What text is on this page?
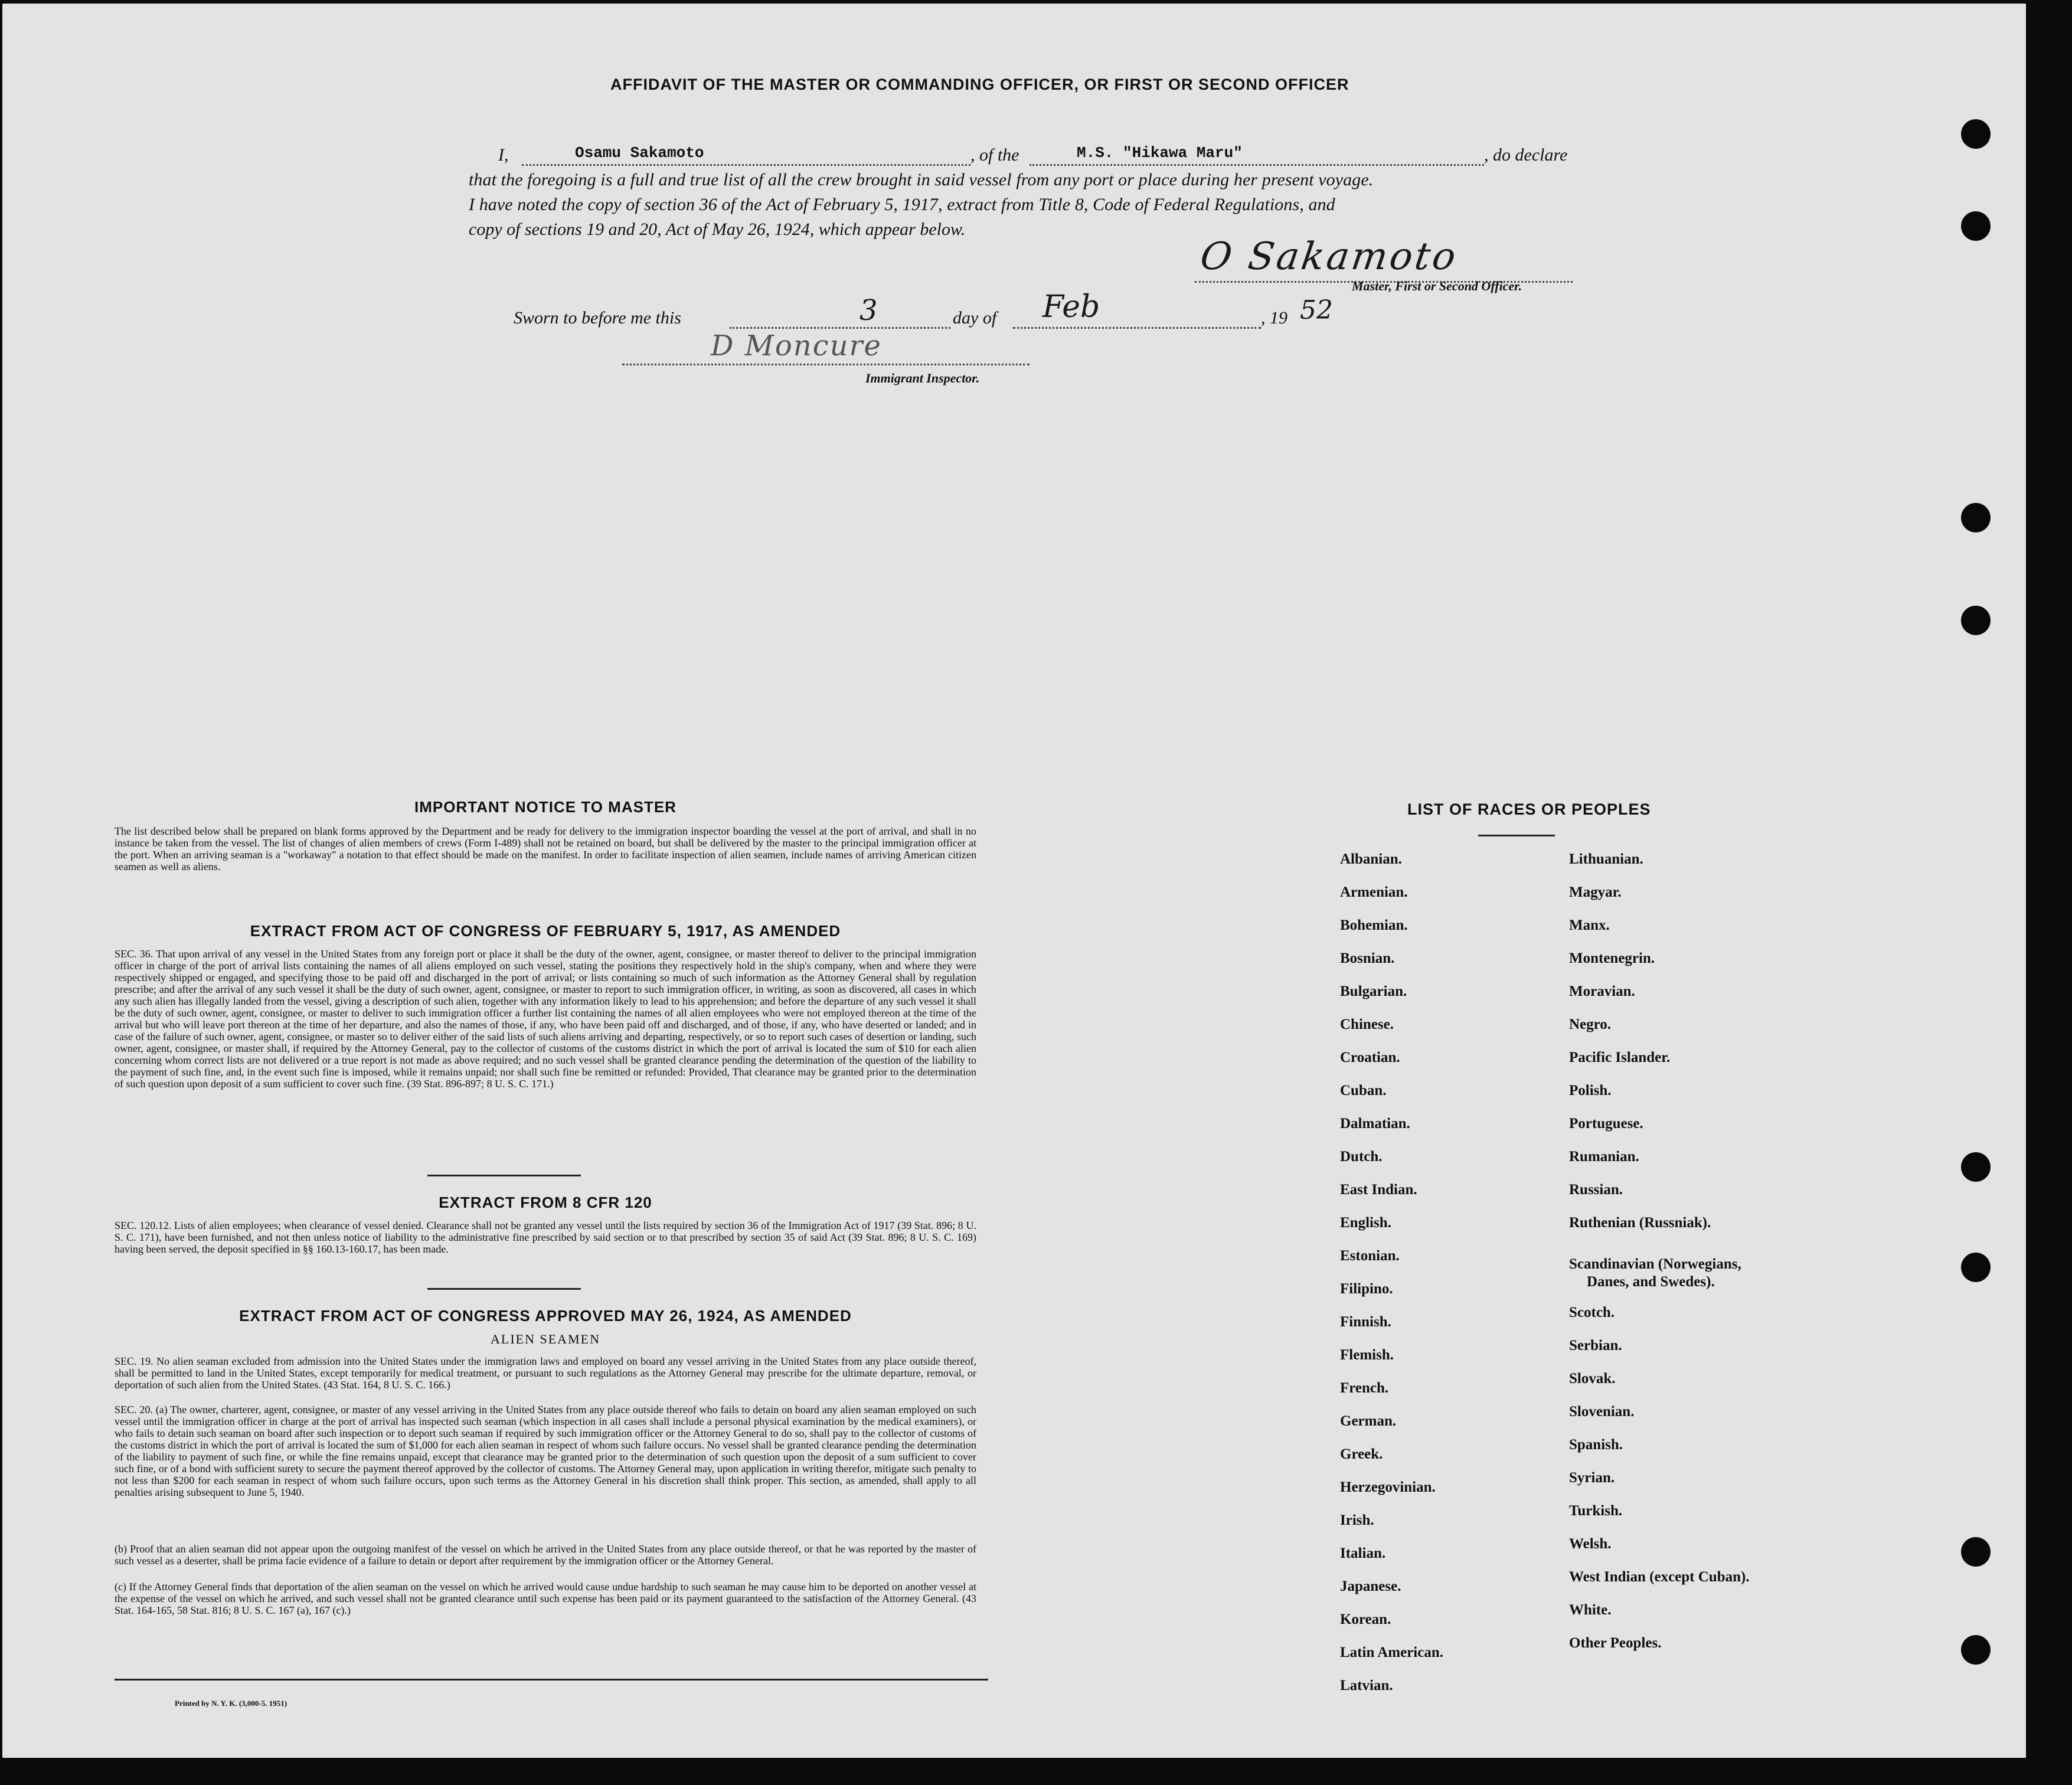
AFFIDAVIT OF THE MASTER OR COMMANDING OFFICER, OR FIRST OR SECOND OFFICER
I,	Osamu Sakamoto	, of the	M.S. "Hikawa Maru"	, do declare
that the foregoing is a full and true list of all the crew brought in said vessel from any port or place during her present voyage.
I have noted the copy of section 36 of the Act of February 5, 1917, extract from Title 8, Code of Federal Regulations, and
copy of sections 19 and 20, Act of May 26, 1924, which appear below.
O Sakamoto
Master, First or Second Officer.
Sworn to before me this	3	day of Feb	, 19 52
D Moncure
Immigrant Inspector.
IMPORTANT NOTICE TO MASTER

The list described below shall be prepared on blank forms approved by the Department and be ready for delivery to the immigration inspector boarding the vessel at the port of arrival, and shall in no instance be taken from the vessel. The list of changes of alien members of crews (Form I-489) shall not be retained on board, but shall be delivered by the master to the principal immigration officer at the port. When an arriving seaman is a "workaway" a notation to that effect should be made on the manifest. In order to facilitate inspection of alien seamen, include names of arriving American citizen seamen as well as aliens.

EXTRACT FROM ACT OF CONGRESS OF FEBRUARY 5, 1917, AS AMENDED

SEC. 36. That upon arrival of any vessel in the United States from any foreign port or place it shall be the duty of the owner, agent, consignee, or master thereof to deliver to the principal immigration officer in charge of the port of arrival lists containing the names of all aliens employed on such vessel, stating the positions they respectively hold in the ship's company, when and where they were respectively shipped or engaged, and specifying those to be paid off and discharged in the port of arrival; or lists containing so much of such information as the Attorney General shall by regulation prescribe; and after the arrival of any such vessel it shall be the duty of such owner, agent, consignee, or master to report to such immigration officer, in writing, as soon as discovered, all cases in which any such alien has illegally landed from the vessel, giving a description of such alien, together with any information likely to lead to his apprehension; and before the departure of any such vessel it shall be the duty of such owner, agent, consignee, or master to deliver to such immigration officer a further list containing the names of all alien employees who were not employed thereon at the time of the arrival but who will leave port thereon at the time of her departure, and also the names of those, if any, who have been paid off and discharged, and of those, if any, who have deserted or landed; and in case of the failure of such owner, agent, consignee, or master so to deliver either of the said lists of such aliens arriving and departing, respectively, or so to report such cases of desertion or landing, such owner, agent, consignee, or master shall, if required by the Attorney General, pay to the collector of customs of the customs district in which the port of arrival is located the sum of $10 for each alien concerning whom correct lists are not delivered or a true report is not made as above required; and no such vessel shall be granted clearance pending the determination of the question of the liability to the payment of such fine, and, in the event such fine is imposed, while it remains unpaid; nor shall such fine be remitted or refunded: Provided, That clearance may be granted prior to the determination of such question upon deposit of a sum sufficient to cover such fine. (39 Stat. 896-897; 8 U. S. C. 171.)

EXTRACT FROM 8 CFR 120

SEC. 120.12. Lists of alien employees; when clearance of vessel denied. Clearance shall not be granted any vessel until the lists required by section 36 of the Immigration Act of 1917 (39 Stat. 896; 8 U. S. C. 171), have been furnished, and not then unless notice of liability to the administrative fine prescribed by said section or to that prescribed by section 35 of said Act (39 Stat. 896; 8 U. S. C. 169) having been served, the deposit specified in §§ 160.13-160.17, has been made.

EXTRACT FROM ACT OF CONGRESS APPROVED MAY 26, 1924, AS AMENDED
ALIEN SEAMEN

SEC. 19. No alien seaman excluded from admission into the United States under the immigration laws and employed on board any vessel arriving in the United States from any place outside thereof, shall be permitted to land in the United States, except temporarily for medical treatment, or pursuant to such regulations as the Attorney General may prescribe for the ultimate departure, removal, or deportation of such alien from the United States. (43 Stat. 164, 8 U. S. C. 166.)

SEC. 20. (a) The owner, charterer, agent, consignee, or master of any vessel arriving in the United States from any place outside thereof who fails to detain on board any alien seaman employed on such vessel until the immigration officer in charge at the port of arrival has inspected such seaman (which inspection in all cases shall include a personal physical examination by the medical examiners), or who fails to detain such seaman on board after such inspection or to deport such seaman if required by such immigration officer or the Attorney General to do so, shall pay to the collector of customs of the customs district in which the port of arrival is located the sum of $1,000 for each alien seaman in respect of whom such failure occurs. No vessel shall be granted clearance pending the determination of the liability to payment of such fine, or while the fine remains unpaid, except that clearance may be granted prior to the determination of such question upon the deposit of a sum sufficient to cover such fine, or of a bond with sufficient surety to secure the payment thereof approved by the collector of customs. The Attorney General may, upon application in writing therefor, mitigate such penalty to not less than $200 for each seaman in respect of whom such failure occurs, upon such terms as the Attorney General in his discretion shall think proper. This section, as amended, shall apply to all penalties arising subsequent to June 5, 1940.

(b) Proof that an alien seaman did not appear upon the outgoing manifest of the vessel on which he arrived in the United States from any place outside thereof, or that he was reported by the master of such vessel as a deserter, shall be prima facie evidence of a failure to detain or deport after requirement by the immigration officer or the Attorney General.

(c) If the Attorney General finds that deportation of the alien seaman on the vessel on which he arrived would cause undue hardship to such seaman he may cause him to be deported on another vessel at the expense of the vessel on which he arrived, and such vessel shall not be granted clearance until such expense has been paid or its payment guaranteed to the satisfaction of the Attorney General. (43 Stat. 164-165, 58 Stat. 816; 8 U. S. C. 167 (a), 167 (c).)

Printed by N. Y. K. (3,000-5. 1951)
LIST OF RACES OR PEOPLES
Albanian.
Armenian.
Bohemian.
Bosnian.
Bulgarian.
Chinese.
Croatian.
Cuban.
Dalmatian.
Dutch.
East Indian.
English.
Estonian.
Filipino.
Finnish.
Flemish.
French.
German.
Greek.
Herzegovinian.
Irish.
Italian.
Japanese.
Korean.
Latin American.
Latvian.
Lithuanian.
Magyar.
Manx.
Montenegrin.
Moravian.
Negro.
Pacific Islander.
Polish.
Portuguese.
Rumanian.
Russian.
Ruthenian (Russniak).
Scandinavian (Norwegians,
Danes, and Swedes).
Scotch.
Serbian.
Slovak.
Slovenian.
Spanish.
Syrian.
Turkish.
Welsh.
West Indian (except Cuban).
White.
Other Peoples.
